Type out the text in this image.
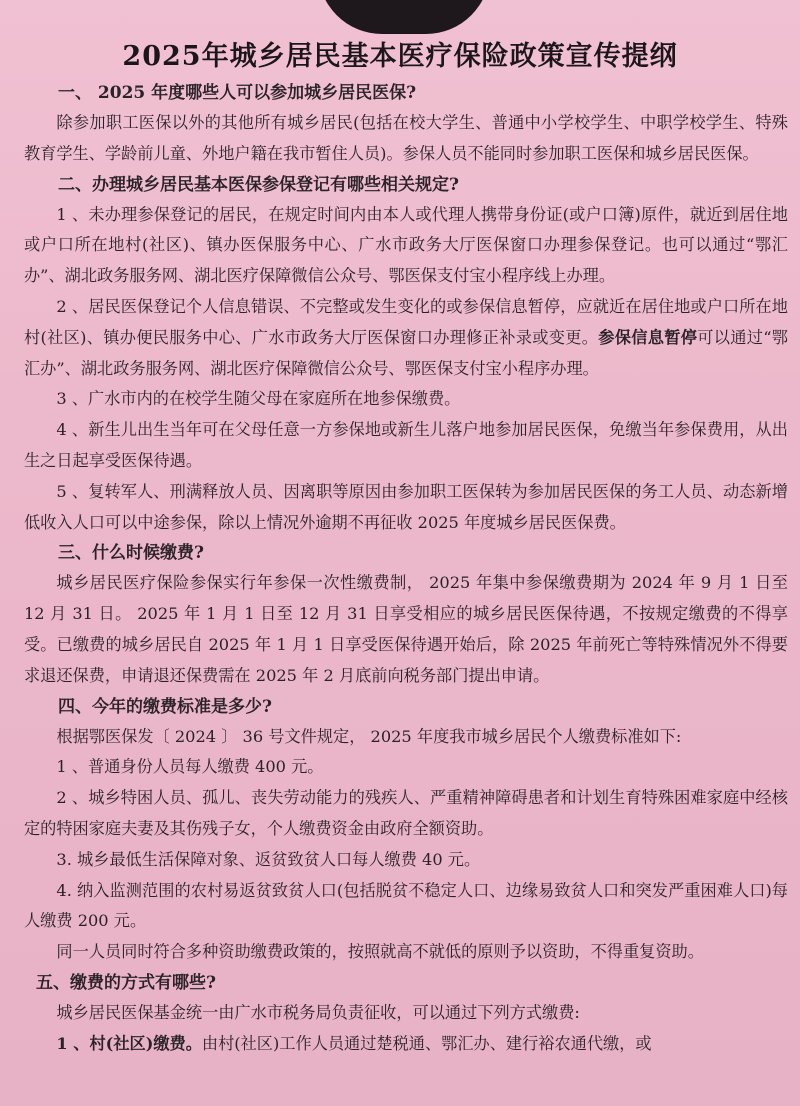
2025年城乡居民基本医疗保险政策宣传提纲
一、 2025 年度哪些人可以参加城乡居民医保?

除参加职工医保以外的其他所有城乡居民(包括在校大学生、普通中小学校学生、中职学校学生、特殊教育学生、学龄前儿童、外地户籍在我市暂住人员)。参保人员不能同时参加职工医保和城乡居民医保。

二、办理城乡居民基本医保参保登记有哪些相关规定?

1 、未办理参保登记的居民，在规定时间内由本人或代理人携带身份证(或户口簿)原件，就近到居住地或户口所在地村(社区)、镇办医保服务中心、广水市政务大厅医保窗口办理参保登记。也可以通过“鄂汇办”、湖北政务服务网、湖北医疗保障微信公众号、鄂医保支付宝小程序线上办理。

2 、居民医保登记个人信息错误、不完整或发生变化的或参保信息暂停，应就近在居住地或户口所在地村(社区)、镇办便民服务中心、广水市政务大厅医保窗口办理修正补录或变更。参保信息暂停可以通过“鄂汇办”、湖北政务服务网、湖北医疗保障微信公众号、鄂医保支付宝小程序办理。

3 、广水市内的在校学生随父母在家庭所在地参保缴费。

4 、新生儿出生当年可在父母任意一方参保地或新生儿落户地参加居民医保，免缴当年参保费用，从出生之日起享受医保待遇。

5 、复转军人、刑满释放人员、因离职等原因由参加职工医保转为参加居民医保的务工人员、动态新增低收入人口可以中途参保，除以上情况外逾期不再征收 2025 年度城乡居民医保费。

三、什么时候缴费?

城乡居民医疗保险参保实行年参保一次性缴费制， 2025 年集中参保缴费期为 2024 年 9 月 1 日至 12 月 31 日。 2025 年 1 月 1 日至 12 月 31 日享受相应的城乡居民医保待遇，不按规定缴费的不得享受。已缴费的城乡居民自 2025 年 1 月 1 日享受医保待遇开始后，除 2025 年前死亡等特殊情况外不得要求退还保费，申请退还保费需在 2025 年 2 月底前向税务部门提出申请。

四、今年的缴费标准是多少?

根据鄂医保发〔 2024 〕 36 号文件规定， 2025 年度我市城乡居民个人缴费标准如下:

1 、普通身份人员每人缴费 400 元。

2 、城乡特困人员、孤儿、丧失劳动能力的残疾人、严重精神障碍患者和计划生育特殊困难家庭中经核定的特困家庭夫妻及其伤残子女，个人缴费资金由政府全额资助。

3. 城乡最低生活保障对象、返贫致贫人口每人缴费 40 元。

4. 纳入监测范围的农村易返贫致贫人口(包括脱贫不稳定人口、边缘易致贫人口和突发严重困难人口)每人缴费 200 元。

同一人员同时符合多种资助缴费政策的，按照就高不就低的原则予以资助，不得重复资助。

五、缴费的方式有哪些?

城乡居民医保基金统一由广水市税务局负责征收，可以通过下列方式缴费:

1 、村(社区)缴费。由村(社区)工作人员通过楚税通、鄂汇办、建行裕农通代缴，或
